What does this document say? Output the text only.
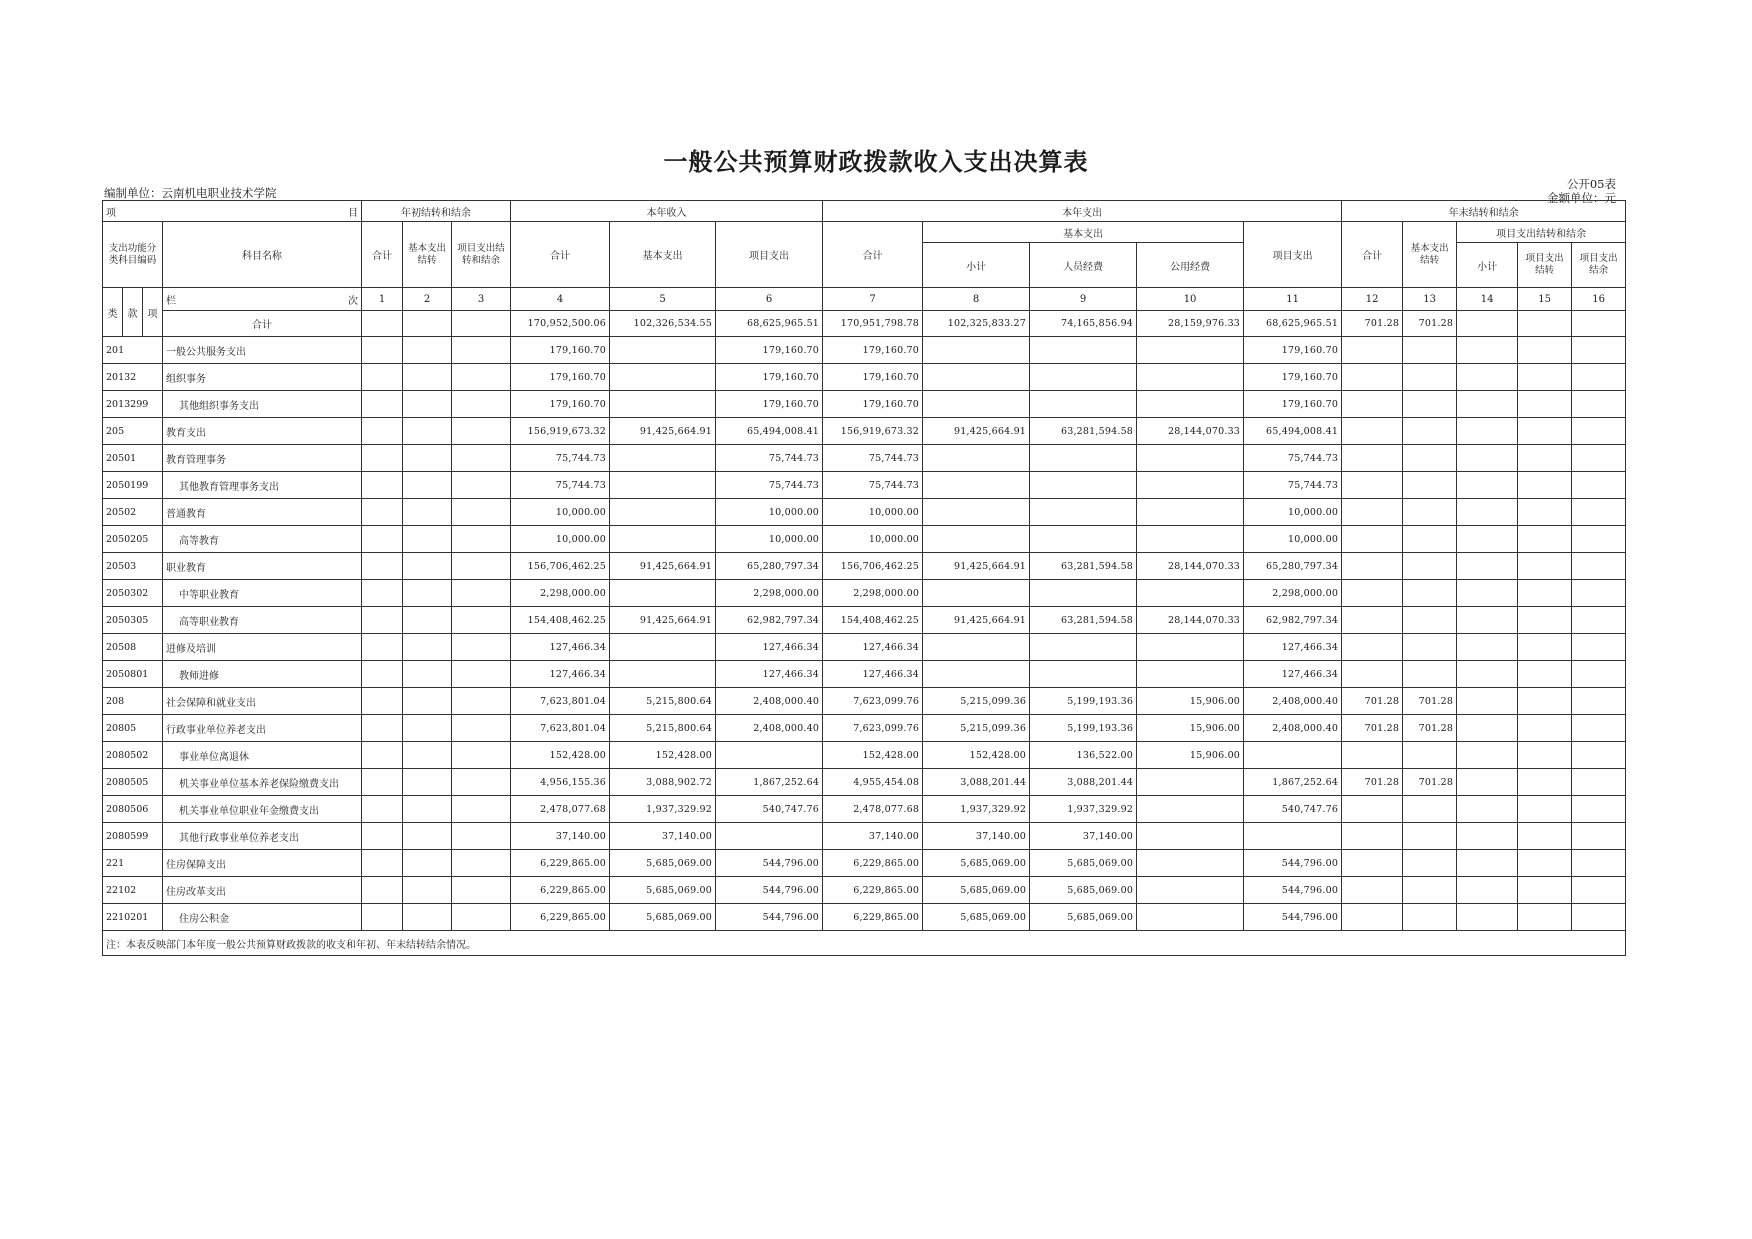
一般公共预算财政拨款收入支出决算表
公开05表
编制单位：云南机电职业技术学院	金额单位：元
项 目				年初结转和结余			本年收入			本年支出					年末结转和结余				
支出功能分类科目编码			科目名称	合计	基本支出结转	项目支出结转和结余	合计	基本支出	项目支出	合计	基本支出			项目支出	合计	基本支出结转	项目支出结转和结余		
											小计	人员经费	公用经费				小计	项目支出结转	项目支出结余
类	款	项	栏 次	1	2	3	4	5	6	7	8	9	10	11	12	13	14	15	16
			合计				170,952,500.06	102,326,534.55	68,625,965.51	170,951,798.78	102,325,833.27	74,165,856.94	28,159,976.33	68,625,965.51	701.28	701.28			
201			一般公共服务支出				179,160.70		179,160.70	179,160.70				179,160.70					
20132			组织事务				179,160.70		179,160.70	179,160.70				179,160.70					
2013299			其他组织事务支出				179,160.70		179,160.70	179,160.70				179,160.70					
205			教育支出				156,919,673.32	91,425,664.91	65,494,008.41	156,919,673.32	91,425,664.91	63,281,594.58	28,144,070.33	65,494,008.41					
20501			教育管理事务				75,744.73		75,744.73	75,744.73				75,744.73					
2050199			其他教育管理事务支出				75,744.73		75,744.73	75,744.73				75,744.73					
20502			普通教育				10,000.00		10,000.00	10,000.00				10,000.00					
2050205			高等教育				10,000.00		10,000.00	10,000.00				10,000.00					
20503			职业教育				156,706,462.25	91,425,664.91	65,280,797.34	156,706,462.25	91,425,664.91	63,281,594.58	28,144,070.33	65,280,797.34					
2050302			中等职业教育				2,298,000.00		2,298,000.00	2,298,000.00				2,298,000.00					
2050305			高等职业教育				154,408,462.25	91,425,664.91	62,982,797.34	154,408,462.25	91,425,664.91	63,281,594.58	28,144,070.33	62,982,797.34					
20508			进修及培训				127,466.34		127,466.34	127,466.34				127,466.34					
2050801			教师进修				127,466.34		127,466.34	127,466.34				127,466.34					
208			社会保障和就业支出				7,623,801.04	5,215,800.64	2,408,000.40	7,623,099.76	5,215,099.36	5,199,193.36	15,906.00	2,408,000.40	701.28	701.28			
20805			行政事业单位养老支出				7,623,801.04	5,215,800.64	2,408,000.40	7,623,099.76	5,215,099.36	5,199,193.36	15,906.00	2,408,000.40	701.28	701.28			
2080502			事业单位离退休				152,428.00	152,428.00		152,428.00	152,428.00	136,522.00	15,906.00						
2080505			机关事业单位基本养老保险缴费支出				4,956,155.36	3,088,902.72	1,867,252.64	4,955,454.08	3,088,201.44	3,088,201.44		1,867,252.64	701.28	701.28			
2080506			机关事业单位职业年金缴费支出				2,478,077.68	1,937,329.92	540,747.76	2,478,077.68	1,937,329.92	1,937,329.92		540,747.76					
2080599			其他行政事业单位养老支出				37,140.00	37,140.00		37,140.00	37,140.00	37,140.00							
221			住房保障支出				6,229,865.00	5,685,069.00	544,796.00	6,229,865.00	5,685,069.00	5,685,069.00		544,796.00					
22102			住房改革支出				6,229,865.00	5,685,069.00	544,796.00	6,229,865.00	5,685,069.00	5,685,069.00		544,796.00					
2210201			住房公积金				6,229,865.00	5,685,069.00	544,796.00	6,229,865.00	5,685,069.00	5,685,069.00		544,796.00					
注：本表反映部门本年度一般公共预算财政拨款的收支和年初、年末结转结余情况。																			
